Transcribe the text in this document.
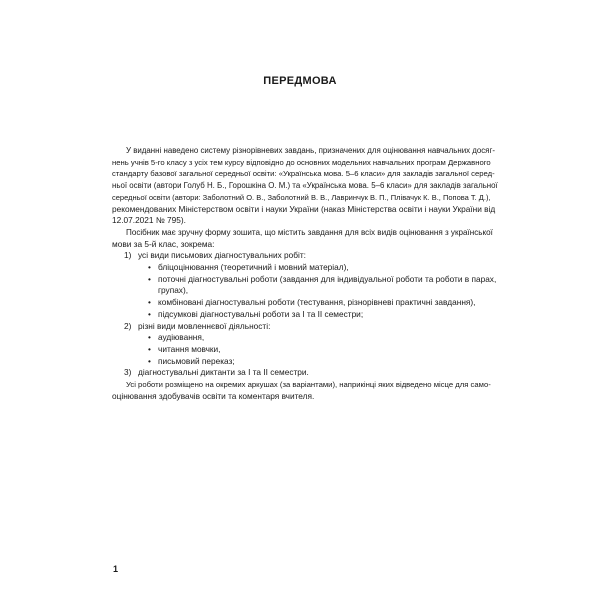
ПЕРЕДМОВА

У виданні наведено систему різнорівневих завдань, призначених для оцінювання навчальних досяг-
нень учнів 5-го класу з усіх тем курсу відповідно до основних модельних навчальних програм Державного
стандарту базової загальної середньої освіти: «Українська мова. 5–6 класи» для закладів загальної серед-
ньої освіти (автори Голуб Н. Б., Горошкіна О. М.) та «Українська мова. 5–6 класи» для закладів загальної
середньої освіти (автори: Заболотний О. В., Заболотний В. В., Лавринчук В. П., Плівачук К. В., Попова Т. Д.),
рекомендованих Міністерством освіти і науки України (наказ Міністерства освіти і науки України від
12.07.2021 № 795).

Посібник має зручну форму зошита, що містить завдання для всіх видів оцінювання з української
мови за 5-й клас, зокрема:

1) усі види письмових діагностувальних робіт:
• бліцоцінювання (теоретичний і мовний матеріал),
• поточні діагностувальні роботи (завдання для індивідуальної роботи та роботи в парах,
групах),
• комбіновані діагностувальні роботи (тестування, різнорівневі практичні завдання),
• підсумкові діагностувальні роботи за І та ІІ семестри;
2) різні види мовленнєвої діяльності:
• аудіювання,
• читання мовчки,
• письмовий переказ;
3) діагностувальні диктанти за І та ІІ семестри.

Усі роботи розміщено на окремих аркушах (за варіантами), наприкінці яких відведено місце для само-
оцінювання здобувачів освіти та коментаря вчителя.

1
